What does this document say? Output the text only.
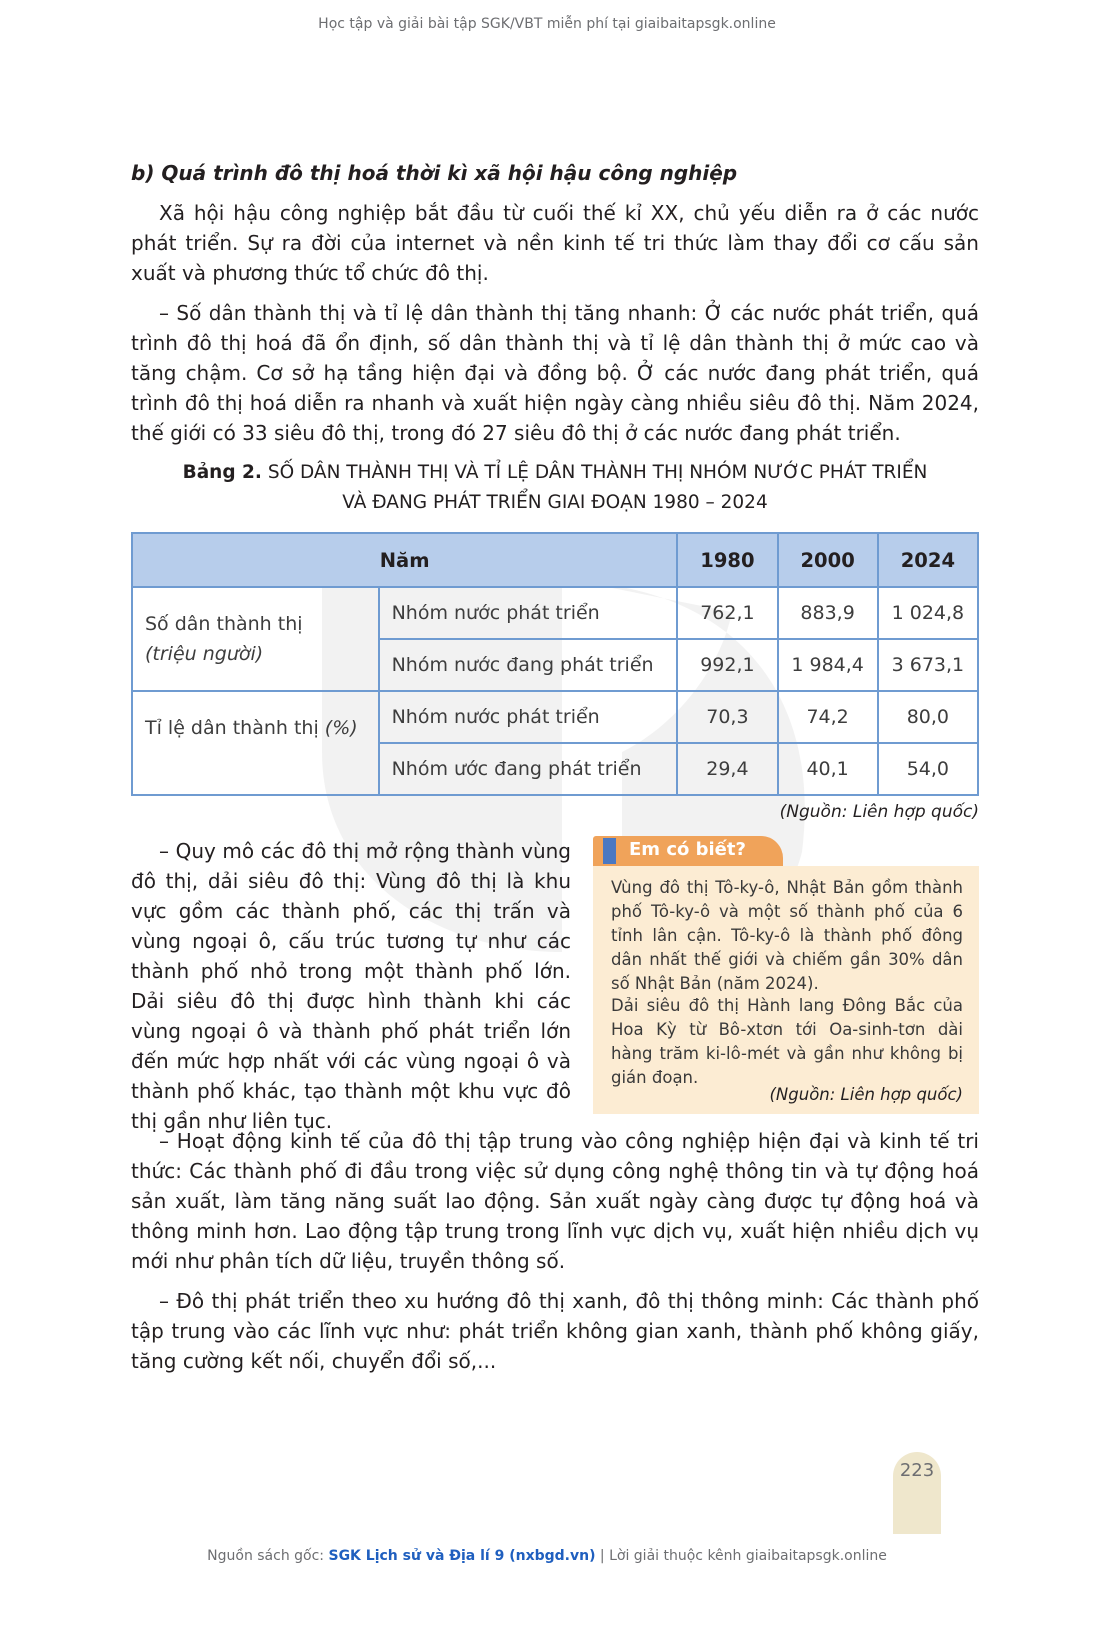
Học tập và giải bài tập SGK/VBT miễn phí tại giaibaitapsgk.online
b) Quá trình đô thị hoá thời kì xã hội hậu công nghiệp

Xã hội hậu công nghiệp bắt đầu từ cuối thế kỉ XX, chủ yếu diễn ra ở các nước phát triển. Sự ra đời của internet và nền kinh tế tri thức làm thay đổi cơ cấu sản xuất và phương thức tổ chức đô thị.

– Số dân thành thị và tỉ lệ dân thành thị tăng nhanh: Ở các nước phát triển, quá trình đô thị hoá đã ổn định, số dân thành thị và tỉ lệ dân thành thị ở mức cao và tăng chậm. Cơ sở hạ tầng hiện đại và đồng bộ. Ở các nước đang phát triển, quá trình đô thị hoá diễn ra nhanh và xuất hiện ngày càng nhiều siêu đô thị. Năm 2024, thế giới có 33 siêu đô thị, trong đó 27 siêu đô thị ở các nước đang phát triển.

Bảng 2. SỐ DÂN THÀNH THỊ VÀ TỈ LỆ DÂN THÀNH THỊ NHÓM NƯỚC PHÁT TRIỂN
VÀ ĐANG PHÁT TRIỂN GIAI ĐOẠN 1980 – 2024
Năm		1980	2000	2024
Số dân thành thị
(triệu người)	Nhóm nước phát triển	762,1	883,9	1 024,8
	Nhóm nước đang phát triển	992,1	1 984,4	3 673,1
Tỉ lệ dân thành thị (%)	Nhóm nước phát triển	70,3	74,2	80,0
	Nhóm ước đang phát triển	29,4	40,1	54,0
(Nguồn: Liên hợp quốc)
– Quy mô các đô thị mở rộng thành vùng đô thị, dải siêu đô thị: Vùng đô thị là khu vực gồm các thành phố, các thị trấn và vùng ngoại ô, cấu trúc tương tự như các thành phố nhỏ trong một thành phố lớn. Dải siêu đô thị được hình thành khi các vùng ngoại ô và thành phố phát triển lớn đến mức hợp nhất với các vùng ngoại ô và thành phố khác, tạo thành một khu vực đô thị gần như liên tục.
Em có biết?
Vùng đô thị Tô-ky-ô, Nhật Bản gồm thành phố Tô-ky-ô và một số thành phố của 6 tỉnh lân cận. Tô-ky-ô là thành phố đông dân nhất thế giới và chiếm gần 30% dân số Nhật Bản (năm 2024).
Dải siêu đô thị Hành lang Đông Bắc của Hoa Kỳ từ Bô-xtơn tới Oa-sinh-tơn dài hàng trăm ki-lô-mét và gần như không bị gián đoạn.
(Nguồn: Liên hợp quốc)

– Hoạt động kinh tế của đô thị tập trung vào công nghiệp hiện đại và kinh tế tri thức: Các thành phố đi đầu trong việc sử dụng công nghệ thông tin và tự động hoá sản xuất, làm tăng năng suất lao động. Sản xuất ngày càng được tự động hoá và thông minh hơn. Lao động tập trung trong lĩnh vực dịch vụ, xuất hiện nhiều dịch vụ mới như phân tích dữ liệu, truyền thông số.

– Đô thị phát triển theo xu hướng đô thị xanh, đô thị thông minh: Các thành phố tập trung vào các lĩnh vực như: phát triển không gian xanh, thành phố không giấy, tăng cường kết nối, chuyển đổi số,...

223
Nguồn sách gốc: SGK Lịch sử và Địa lí 9 (nxbgd.vn) | Lời giải thuộc kênh giaibaitapsgk.online
